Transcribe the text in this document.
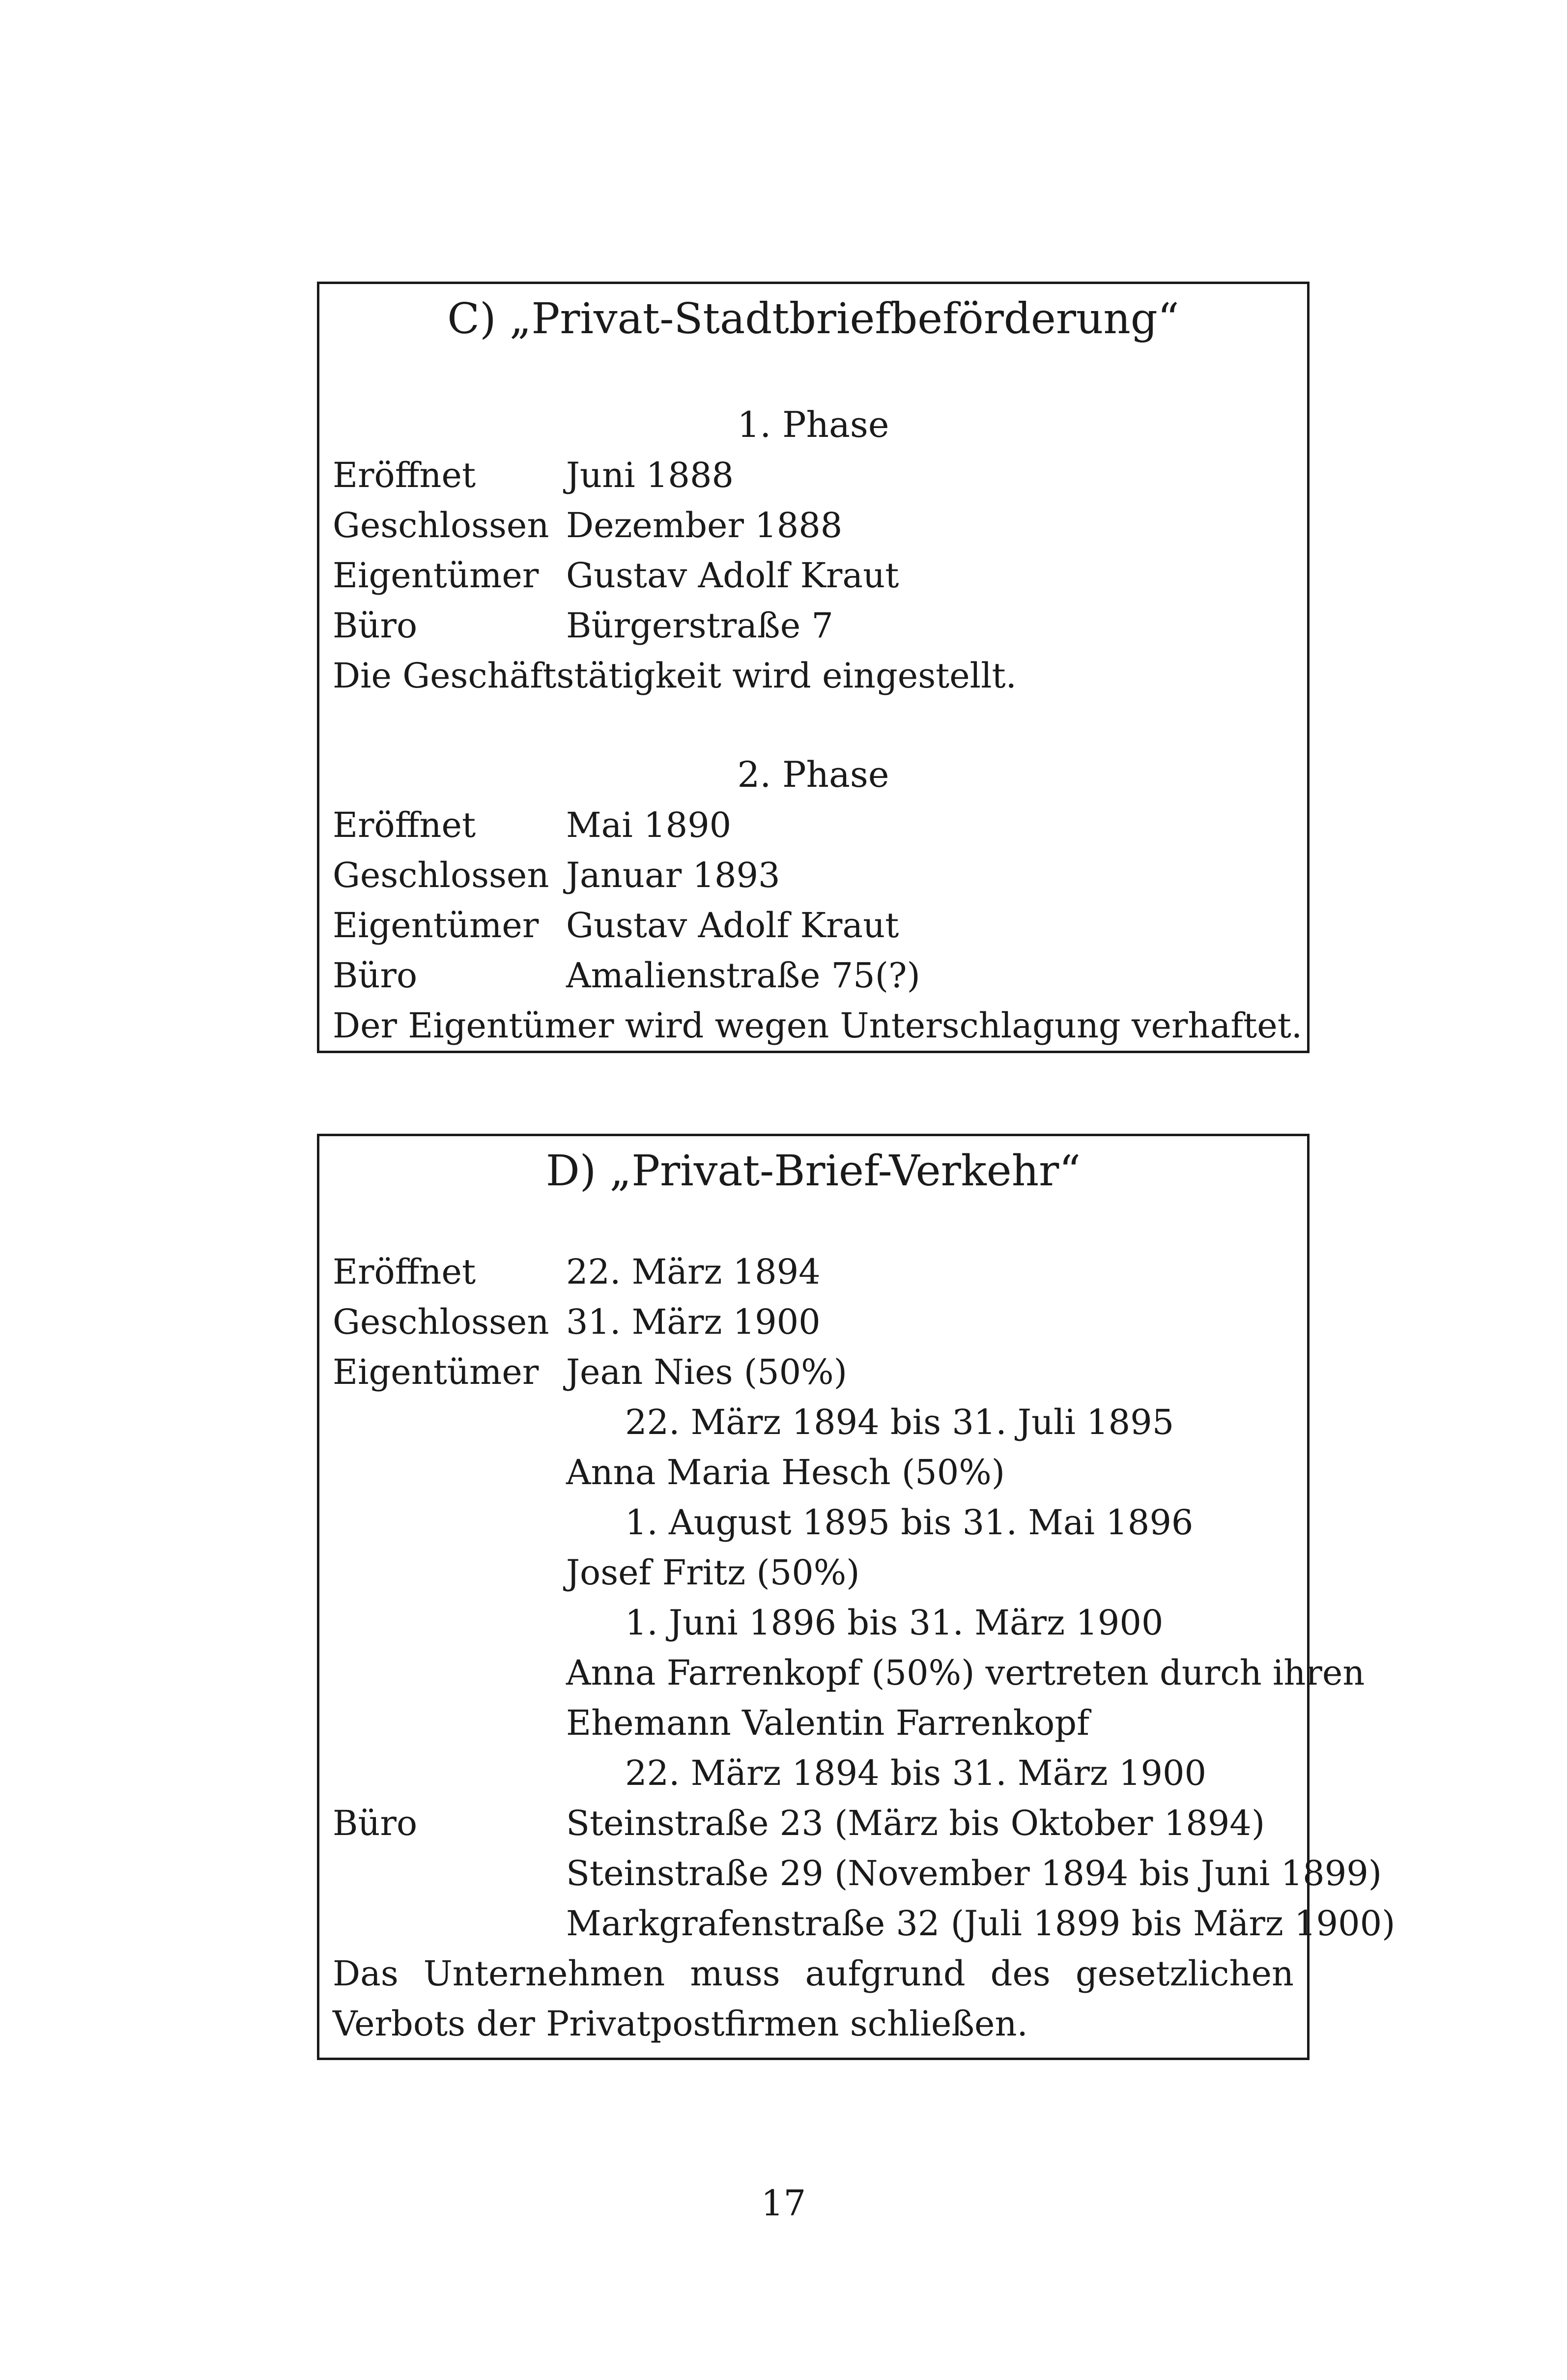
C) „Privat-Stadtbriefbeförderung“
1. Phase
Eröffnet	Juni 1888
Geschlossen Dezember 1888
Eigentümer Gustav Adolf Kraut
Büro	Bürgerstraße 7
Die Geschäftstätigkeit wird eingestellt.
2. Phase
Eröffnet	Mai 1890
Geschlossen Januar 1893
Eigentümer Gustav Adolf Kraut
Büro	Amalienstraße 75(?)
Der Eigentümer wird wegen Unterschlagung verhaftet.
D) „Privat-Brief-Verkehr“
Eröffnet	22. März 1894
Geschlossen 31. März 1900
Eigentümer Jean Nies (50%)
22. März 1894 bis 31. Juli 1895
Anna Maria Hesch (50%)
1. August 1895 bis 31. Mai 1896
Josef Fritz (50%)
1. Juni 1896 bis 31. März 1900
Anna Farrenkopf (50%) vertreten durch ihren
Ehemann Valentin Farrenkopf
22. März 1894 bis 31. März 1900
Büro	Steinstraße 23 (März bis Oktober 1894)
Steinstraße 29 (November 1894 bis Juni 1899)
Markgrafenstraße 32 (Juli 1899 bis März 1900)
Das Unternehmen muss aufgrund des gesetzlichen Verbots der Privatpostfirmen schließen.
17
